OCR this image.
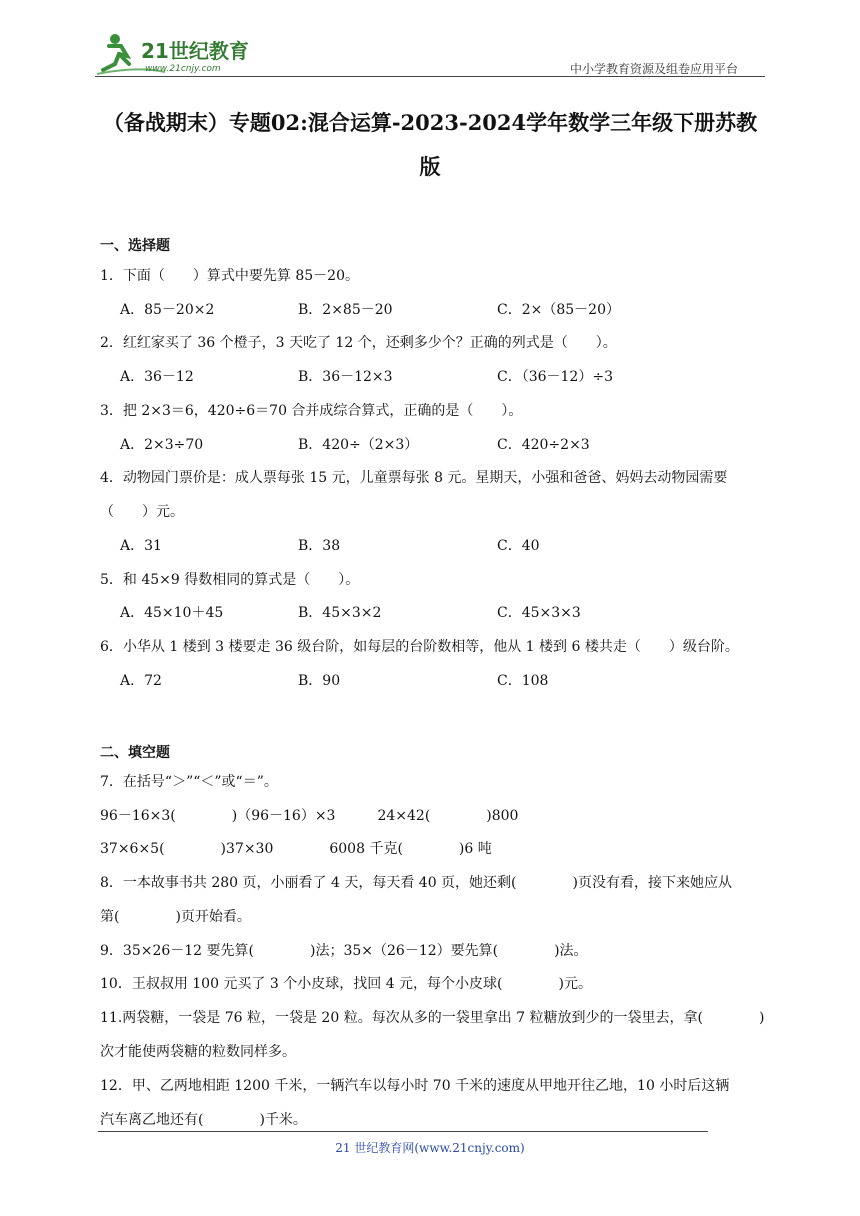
21世纪教育
www.21cnjy.com	中小学教育资源及组卷应用平台
（备战期末）专题02:混合运算-2023-2024学年数学三年级下册苏教
版
一、选择题
1．下面（　　）算式中要先算 85－20。
A．85－20×2	B．2×85－20	C．2×（85－20）
2．红红家买了 36 个橙子，3 天吃了 12 个，还剩多少个？正确的列式是（　　）。
A．36－12	B．36－12×3	C．（36－12）÷3
3．把 2×3＝6，420÷6＝70 合并成综合算式，正确的是（　　）。
A．2×3÷70	B．420÷（2×3）	C．420÷2×3
4．动物园门票价是：成人票每张 15 元，儿童票每张 8 元。星期天，小强和爸爸、妈妈去动物园需要
（　　）元。
A．31	B．38	C．40
5．和 45×9 得数相同的算式是（　　）。
A．45×10＋45	B．45×3×2	C．45×3×3
6．小华从 1 楼到 3 楼要走 36 级台阶，如每层的台阶数相等，他从 1 楼到 6 楼共走（　　）级台阶。
A．72	B．90	C．108
二、填空题
7．在括号“＞”“＜”或“＝”。
96－16×3(　　　　)（96－16）×3　　　24×42(　　　　)800
37×6×5(　　　　)37×30　　　　6008 千克(　　　　)6 吨
8．一本故事书共 280 页，小丽看了 4 天，每天看 40 页，她还剩(　　　　)页没有看，接下来她应从
第(　　　　)页开始看。
9．35×26－12 要先算(　　　　)法；35×（26－12）要先算(　　　　)法。
10．王叔叔用 100 元买了 3 个小皮球，找回 4 元，每个小皮球(　　　　)元。
11.两袋糖，一袋是 76 粒，一袋是 20 粒。每次从多的一袋里拿出 7 粒糖放到少的一袋里去，拿(　　　　)
次才能使两袋糖的粒数同样多。
12．甲、乙两地相距 1200 千米，一辆汽车以每小时 70 千米的速度从甲地开往乙地，10 小时后这辆
汽车离乙地还有(　　　　)千米。
21 世纪教育网(www.21cnjy.com)
